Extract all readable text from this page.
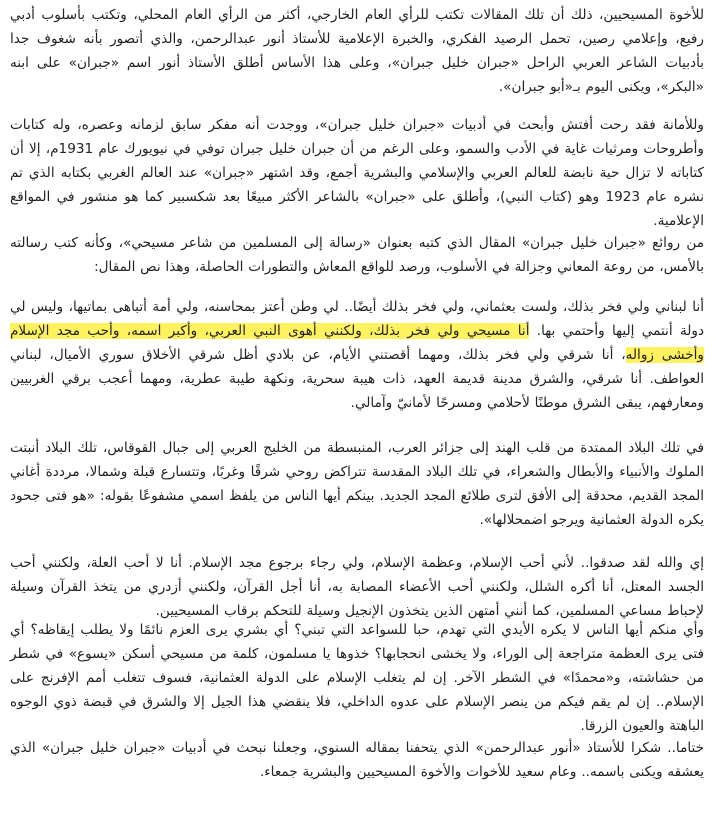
للأخوة المسيحيين، ذلك أن تلك المقالات تكتب للرأي العام الخارجي، أكثر من الرأي العام المحلي، وتكتب بأسلوب أدبي رفيع، وإعلامي رصين، تحمل الرصيد الفكري، والخبرة الإعلامية للأستاذ أنور عبدالرحمن، والذي أتصور بأنه شغوف جدا بأدبيات الشاعر العربي الراحل «جبران خليل جبران»، وعلى هذا الأساس أطلق الأستاذ أنور اسم «جبران» على ابنه «البكر»، ويكنى اليوم بـ«أبو جبران».

وللأمانة فقد رحت أفتش وأبحث في أدبيات «جبران خليل جبران»، ووجدت أنه مفكر سابق لزمانه وعصره، وله كتابات وأطروحات ومرثيات غاية في الأدب والسمو، وعلى الرغم من أن جبران خليل جبران توفي في نيويورك عام 1931م، إلا أن كتاباته لا تزال حية نابضة للعالم العربي والإسلامي والبشرية أجمع، وقد اشتهر «جبران» عند العالم الغربي بكتابه الذي تم نشره عام 1923 وهو (كتاب النبي)، وأطلق على «جبران» بالشاعر الأكثر مبيعًا بعد شكسبير كما هو منشور في المواقع الإعلامية.

من روائع «جبران خليل جبران» المقال الذي كتبه بعنوان «رسالة إلى المسلمين من شاعر مسيحي»، وكأنه كتب رسالته بالأمس، من روعة المعاني وجزالة في الأسلوب، ورصد للواقع المعاش والتطورات الحاصلة، وهذا نص المقال:

أنا لبناني ولي فخر بذلك، ولست بعثماني، ولي فخر بذلك أيضًا.. لي وطن أعتز بمحاسنه، ولي أمة أتباهى بماتيها، وليس لي دولة أنتمي إليها وأحتمي بها. أنا مسيحي ولي فخر بذلك، ولكنني أهوى النبي العربي، وأكبر اسمه، وأحب مجد الإسلام وأخشى زواله، أنا شرقي ولي فخر بذلك، ومهما أقصتني الأيام، عن بلادي أظل شرقي الأخلاق سوري الأميال، لبناني العواطف. أنا شرقي، والشرق مدينة قديمة العهد، ذات هيبة سحرية، ونكهة طيبة عطرية، ومهما أعجب برقي الغربيين ومعارفهم، يبقى الشرق موطنًا لأحلامي ومسرحًا لأمانيّ وآمالي.

في تلك البلاد الممتدة من قلب الهند إلى جزائر العرب، المنبسطة من الخليج العربي إلى جبال القوقاس، تلك البلاد أنبتت الملوك والأنبياء والأبطال والشعراء، في تلك البلاد المقدسة تتراكض روحي شرقًا وغربًا، وتتسارع قبلة وشمالا، مرددة أغاني المجد القديم، محدقة إلى الأفق لترى طلائع المجد الجديد. بينكم أيها الناس من يلفظ اسمي مشفوعًا بقوله: «هو فتى جحود يكره الدولة العثمانية ويرجو اضمحلالها».

إي والله لقد صدقوا.. لأني أحب الإسلام، وعظمة الإسلام، ولي رجاء برجوع مجد الإسلام. أنا لا أحب العلة، ولكنني أحب الجسد المعتل، أنا أكره الشلل، ولكنني أحب الأعضاء المصابة به، أنا أجل القرآن، ولكنني أزدري من يتخذ القرآن وسيلة لإحباط مساعي المسلمين، كما أنني أمتهن الذين يتخذون الإنجيل وسيلة للتحكم برقاب المسيحيين.

وأي منكم أيها الناس لا يكره الأيدي التي تهدم، حبا للسواعد التي تبني؟ أي بشري يرى العزم نائمًا ولا يطلب إيقاظه؟ أي فتى يرى العظمة متراجعة إلى الوراء، ولا يخشى انحجابها؟ خذوها يا مسلمون، كلمة من مسيحي أسكن «يسوع» في شطر من حشاشته، و«محمدًا» في الشطر الآخر. إن لم يتغلب الإسلام على الدولة العثمانية، فسوف تتغلب أمم الإفرنج على الإسلام.. إن لم يقم فيكم من ينصر الإسلام على عدوه الداخلي، فلا ينقضي هذا الجيل إلا والشرق في قبضة ذوي الوجوه الباهتة والعيون الزرقا.

ختاما.. شكرا للأستاذ «أنور عبدالرحمن» الذي يتحفنا بمقاله السنوي، وجعلنا نبحث في أدبيات «جبران خليل جبران» الذي يعشقه ويكنى باسمه.. وعام سعيد للأخوات والأخوة المسيحيين والبشرية جمعاء.
